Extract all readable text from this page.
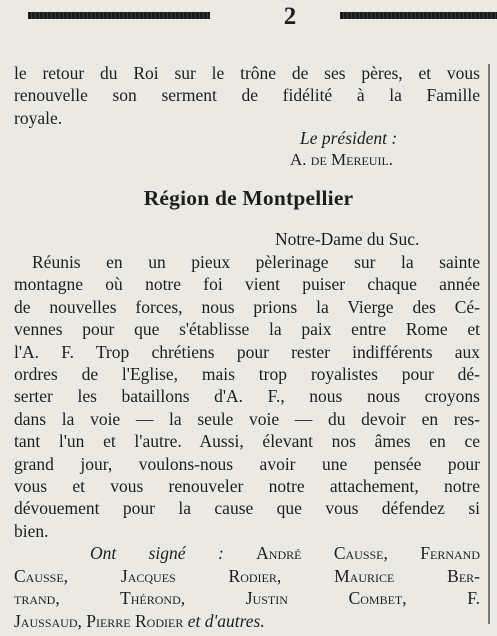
2

le retour du Roi sur le trône de ses pères, et vous

renouvelle son serment de fidélité à la Famille

royale.

Le président :
A. de Mereuil.
Région de Montpellier
Notre-Dame du Suc.

Réunis en un pieux pèlerinage sur la sainte

montagne où notre foi vient puiser chaque année

de nouvelles forces, nous prions la Vierge des Cé-

vennes pour que s'établisse la paix entre Rome et

l'A. F. Trop chrétiens pour rester indifférents aux

ordres de l'Eglise, mais trop royalistes pour dé-

serter les bataillons d'A. F., nous nous croyons

dans la voie — la seule voie — du devoir en res-

tant l'un et l'autre. Aussi, élevant nos âmes en ce

grand jour, voulons-nous avoir une pensée pour

vous et vous renouveler notre attachement, notre

dévouement pour la cause que vous défendez si

bien.

Ont signé : André Causse, Fernand

Causse, Jacques Rodier, Maurice Ber-

trand, Thérond, Justin Combet, F.

Jaussaud, Pierre Rodier et d'autres.
